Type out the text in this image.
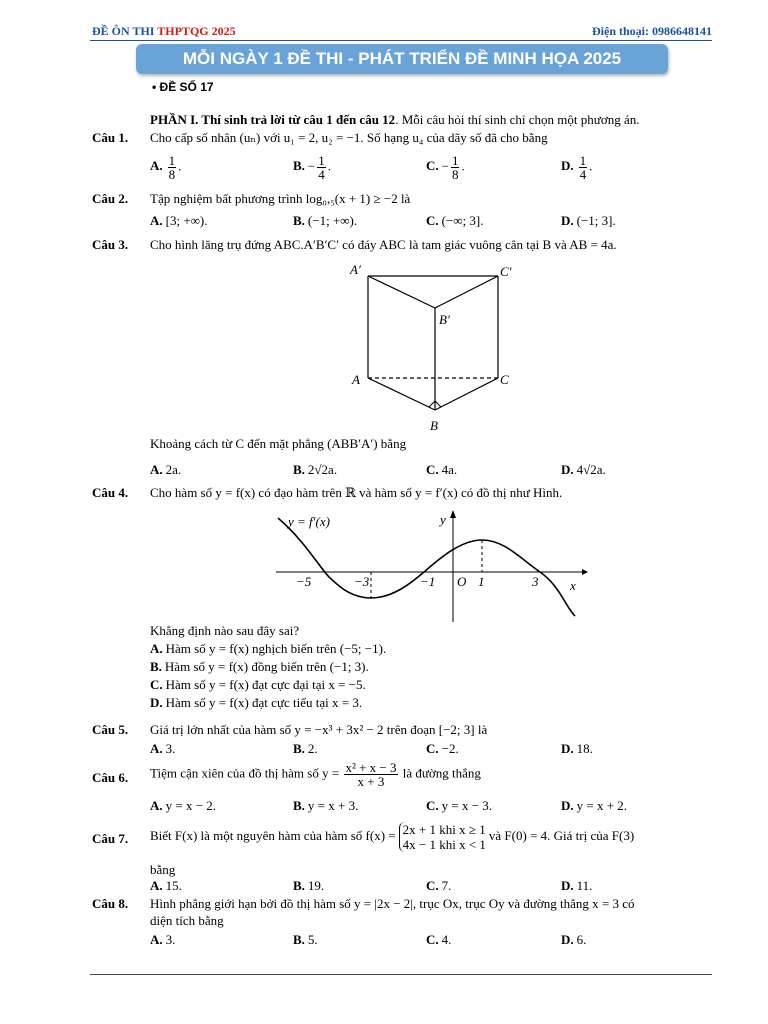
ĐỀ ÔN THI THPTQG 2025	Điện thoại: 0986648141
MỖI NGÀY 1 ĐỀ THI - PHÁT TRIỂN ĐỀ MINH HỌA 2025
• ĐỀ SỐ 17
PHẦN I. Thí sinh trả lời từ câu 1 đến câu 12. Mỗi câu hỏi thí sinh chỉ chọn một phương án.
Câu 1. Cho cấp số nhân (uₙ) với u₁ = 2, u₂ = −1. Số hạng u₄ của dãy số đã cho bằng
A. $\frac{1}{8}$ .	B. − $\frac{1}{4}$ .	C. − $\frac{1}{8}$ .	D. $\frac{1}{4}$ .
Câu 2. Tập nghiệm bất phương trình log₀,₅(x + 1) ≥ −2 là
A. [3; +∞).	B. (−1; +∞).	C. (−∞; 3].	D. (−1; 3].
Câu 3. Cho hình lăng trụ đứng ABC.A′B′C′ có đáy ABC là tam giác vuông cân tại B và AB = 4a.
A′	C′
B′
A	C
B
Khoảng cách từ C đến mặt phẳng (ABB′A′) bằng
A. 2a.	B. 2√2a.	C. 4a.	D. 4√2a.
Câu 4. Cho hàm số y = f(x) có đạo hàm trên ℝ và hàm số y = f′(x) có đồ thị như Hình.
y = f′(x)	y
x
O
−5	−3	−1	1	3
Khẳng định nào sau đây sai?
A. Hàm số y = f(x) nghịch biến trên (−5; −1).
B. Hàm số y = f(x) đồng biến trên (−1; 3).
C. Hàm số y = f(x) đạt cực đại tại x = −5.
D. Hàm số y = f(x) đạt cực tiểu tại x = 3.
Câu 5. Giá trị lớn nhất của hàm số y = −x³ + 3x² − 2 trên đoạn [−2; 3] là
A. 3.	B. 2.	C. −2.	D. 18.
Câu 6. Tiệm cận xiên của đồ thị hàm số $y = \frac{\text{x² + x − 3}}{x + 3}$ là đường thẳng
A. y = x − 2.	B. y = x + 3.	C. y = x − 3.	D. y = x + 2.
Câu 7. Biết F(x) là một nguyên hàm của hàm số f(x) = 2x + 1 khi x ≥ 1
4x − 1 khi x < 1
và F(0) = 4. Giá trị của F(3)
bằng
A. 15.	B. 19.	C. 7.	D. 11.
Câu 8. Hình phẳng giới hạn bởi đồ thị hàm số y = |2x − 2|, trục Ox, trục Oy và đường thẳng x = 3 có
diện tích bằng
A. 3.	B. 5.	C. 4.	D. 6.
